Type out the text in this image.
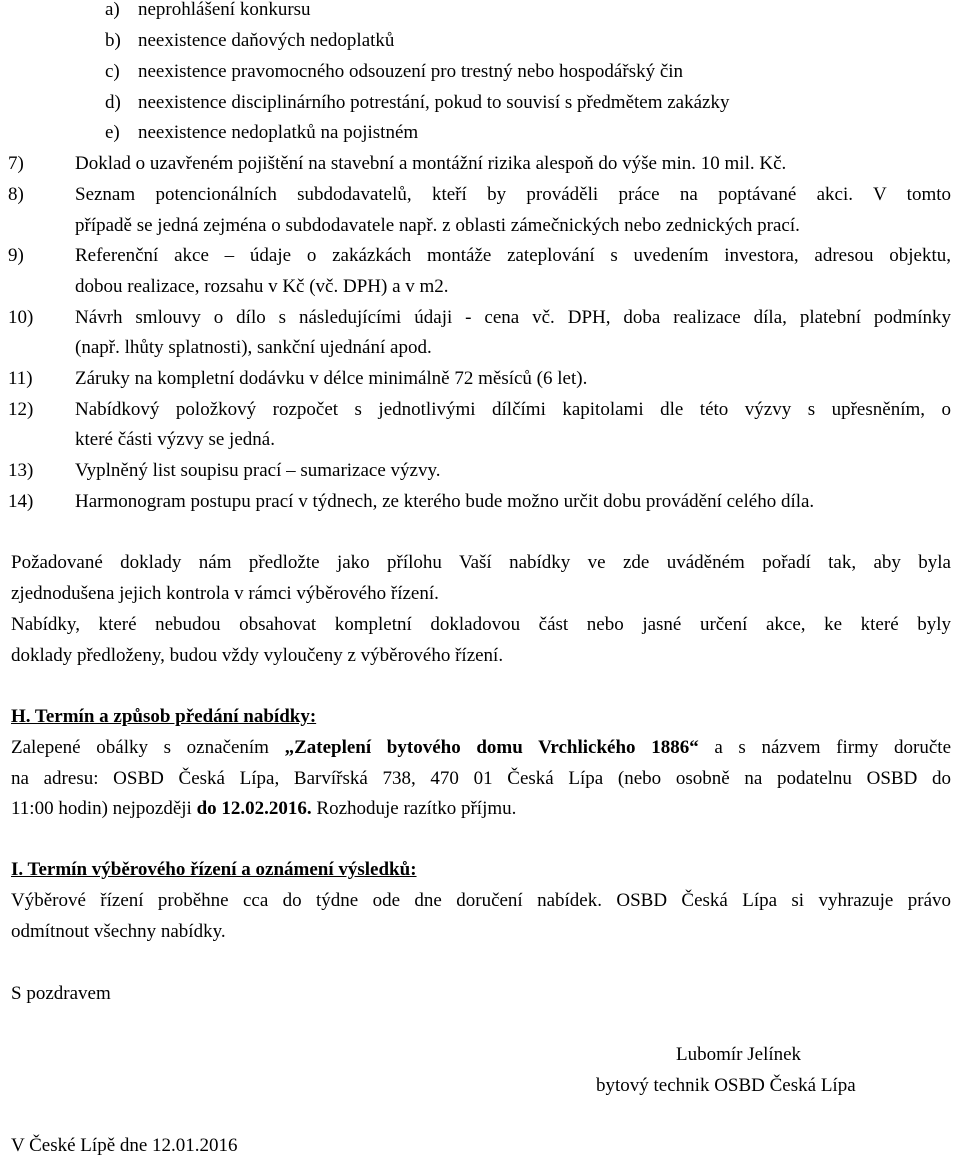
a) neprohlášení konkursu
b) neexistence daňových nedoplatků
c) neexistence pravomocného odsouzení pro trestný nebo hospodářský čin
d) neexistence disciplinárního potrestání, pokud to souvisí s předmětem zakázky
e) neexistence nedoplatků na pojistném
7)	Doklad o uzavřeném pojištění na stavební a montážní rizika alespoň do výše min. 10 mil. Kč.
8)	Seznam potencionálních subdodavatelů, kteří by prováděli práce na poptávané akci. V tomto
případě se jedná zejména o subdodavatele např. z oblasti zámečnických nebo zednických prací.
9)	Referenční akce – údaje o zakázkách montáže zateplování s uvedením investora, adresou objektu,
dobou realizace, rozsahu v Kč (vč. DPH) a v m2.
10) Návrh smlouvy o dílo s následujícími údaji - cena vč. DPH, doba realizace díla, platební podmínky
(např. lhůty splatnosti), sankční ujednání apod.
11) Záruky na kompletní dodávku v délce minimálně 72 měsíců (6 let).
12) Nabídkový položkový rozpočet s jednotlivými dílčími kapitolami dle této výzvy s upřesněním, o
které části výzvy se jedná.
13) Vyplněný list soupisu prací – sumarizace výzvy.
14) Harmonogram postupu prací v týdnech, ze kterého bude možno určit dobu provádění celého díla.
Požadované doklady nám předložte jako přílohu Vaší nabídky ve zde uváděném pořadí tak, aby byla
zjednodušena jejich kontrola v rámci výběrového řízení.
Nabídky, které nebudou obsahovat kompletní dokladovou část nebo jasné určení akce, ke které byly
doklady předloženy, budou vždy vyloučeny z výběrového řízení.
H. Termín a způsob předání nabídky:
Zalepené obálky s označením „Zateplení bytového domu Vrchlického 1886“ a s názvem firmy doručte
na adresu: OSBD Česká Lípa, Barvířská 738, 470 01 Česká Lípa (nebo osobně na podatelnu OSBD do
11:00 hodin) nejpozději do 12.02.2016. Rozhoduje razítko příjmu.
I. Termín výběrového řízení a oznámení výsledků:
Výběrové řízení proběhne cca do týdne ode dne doručení nabídek. OSBD Česká Lípa si vyhrazuje právo
odmítnout všechny nabídky.
S pozdravem
Lubomír Jelínek
bytový technik OSBD Česká Lípa
V České Lípě dne 12.01.2016
